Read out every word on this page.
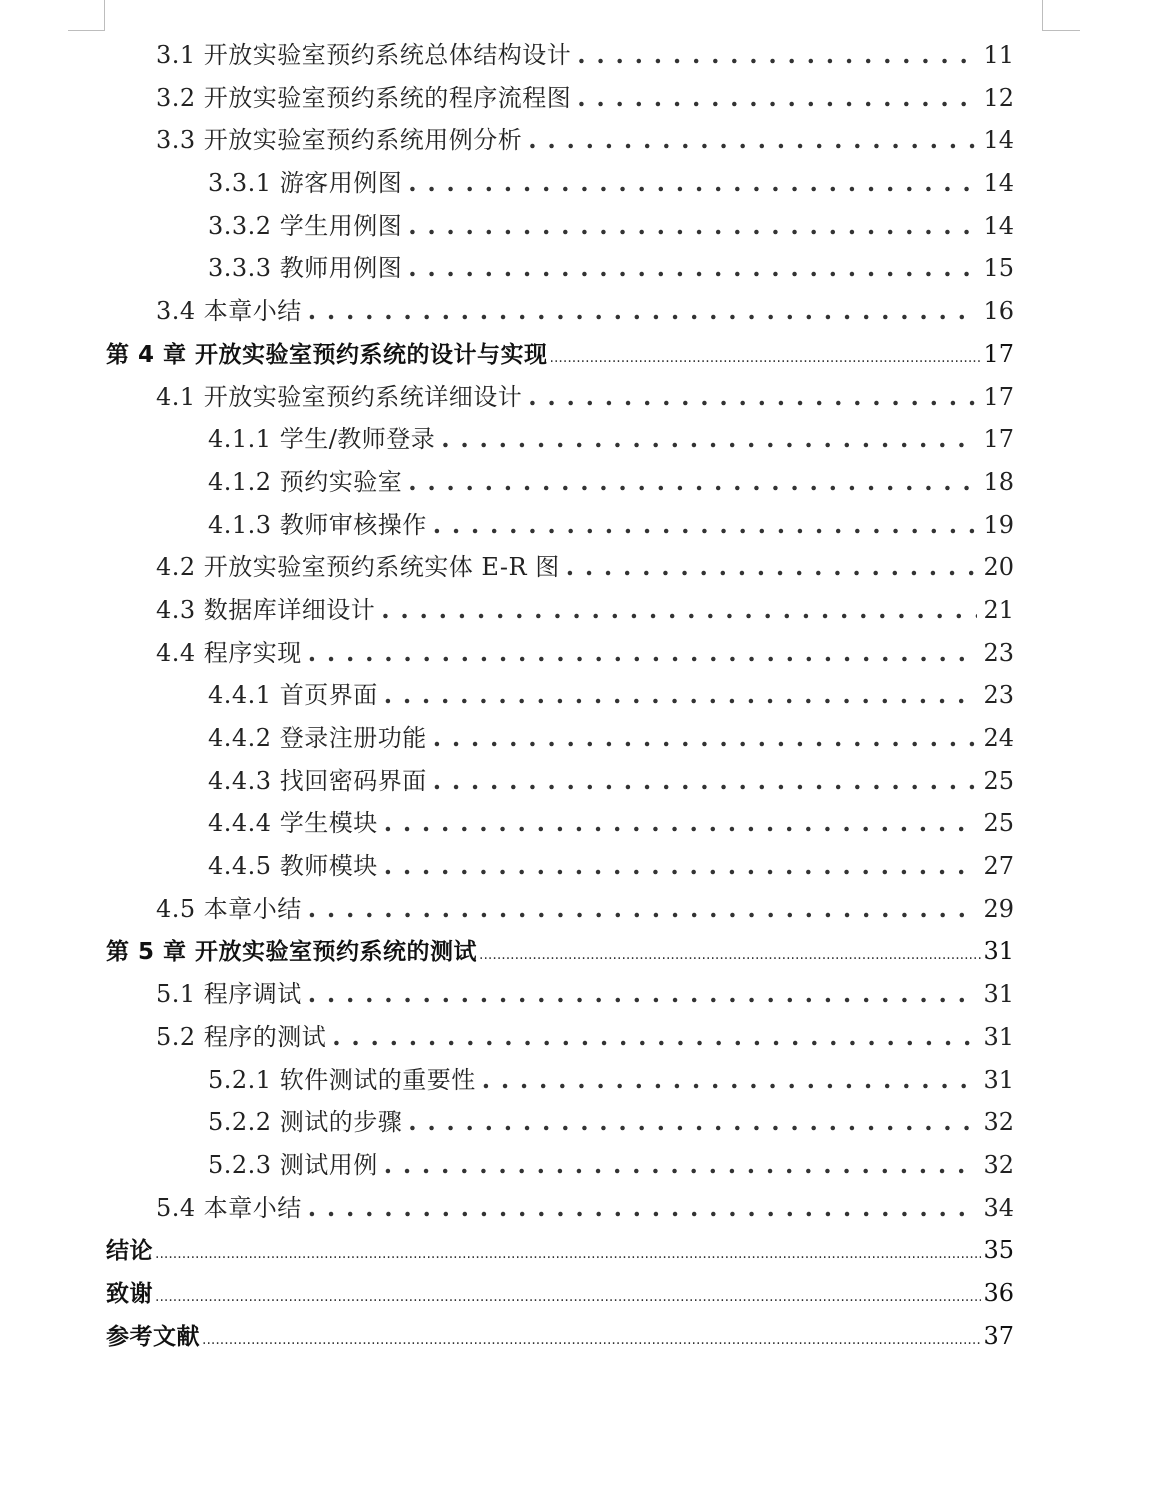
3.1 开放实验室预约系统总体结构设计 . . .	11
3.2 开放实验室预约系统的程序流程图 . . .	12
3.3 开放实验室预约系统用例分析 . . .	14
3.3.1 游客用例图 . . .	14
3.3.2 学生用例图 . . .	14
3.3.3 教师用例图 . . .	15
3.4 本章小结 . . .	16
第 4 章 开放实验室预约系统的设计与实现 .....	17
4.1 开放实验室预约系统详细设计 . . .	17
4.1.1 学生/教师登录 . . .	17
4.1.2 预约实验室 . . .	18
4.1.3 教师审核操作 . . .	19
4.2 开放实验室预约系统实体 E-R 图 . . .	20
4.3 数据库详细设计 . . .	21
4.4 程序实现 . . .	23
4.4.1 首页界面 . . .	23
4.4.2 登录注册功能 . . .	24
4.4.3 找回密码界面 . . .	25
4.4.4 学生模块 . . .	25
4.4.5 教师模块 . . .	27
4.5 本章小结 . . .	29
第 5 章 开放实验室预约系统的测试 .....	31
5.1 程序调试 . . .	31
5.2 程序的测试 . . .	31
5.2.1 软件测试的重要性 . . .	31
5.2.2 测试的步骤 . . .	32
5.2.3 测试用例 . . .	32
5.4 本章小结 . . .	34
结论 .....	35
致谢 .....	36
参考文献 .....	37
